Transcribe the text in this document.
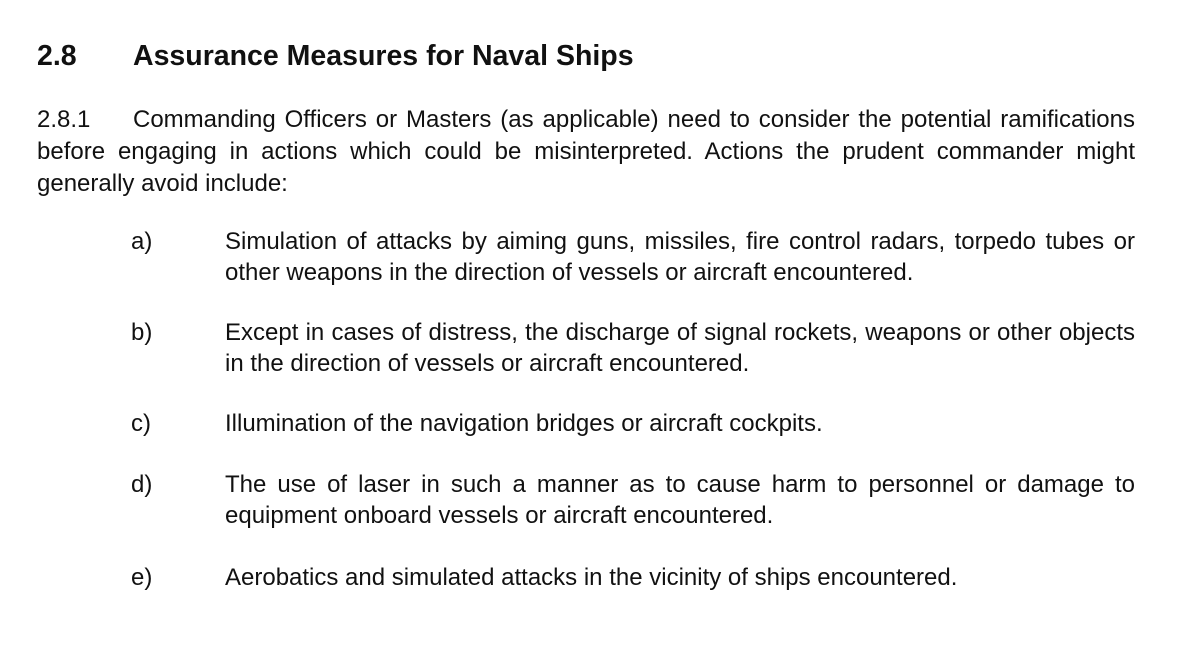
2.8 Assurance Measures for Naval Ships
2.8.1 Commanding Officers or Masters (as applicable) need to consider the potential ramifications before engaging in actions which could be misinterpreted. Actions the prudent commander might generally avoid include:
a)	Simulation of attacks by aiming guns, missiles, fire control radars, torpedo tubes or other weapons in the direction of vessels or aircraft encountered.
b)	Except in cases of distress, the discharge of signal rockets, weapons or other objects in the direction of vessels or aircraft encountered.
c)	Illumination of the navigation bridges or aircraft cockpits.
d)	The use of laser in such a manner as to cause harm to personnel or damage to equipment onboard vessels or aircraft encountered.
e)	Aerobatics and simulated attacks in the vicinity of ships encountered.
